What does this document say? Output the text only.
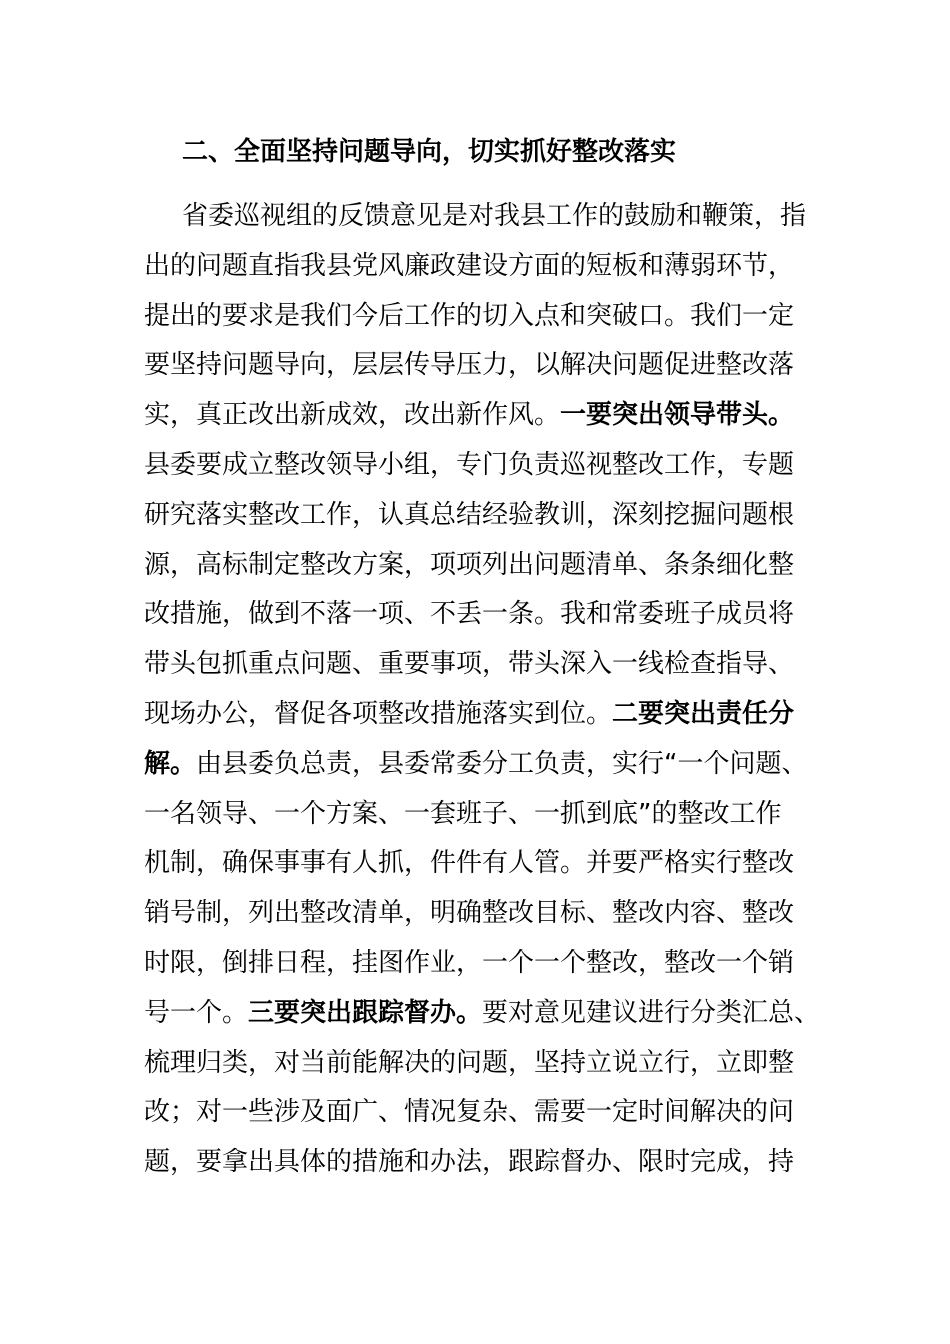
二、全面坚持问题导向，切实抓好整改落实
省委巡视组的反馈意见是对我县工作的鼓励和鞭策，指
出的问题直指我县党风廉政建设方面的短板和薄弱环节，
提出的要求是我们今后工作的切入点和突破口。我们一定
要坚持问题导向，层层传导压力，以解决问题促进整改落
实，真正改出新成效，改出新作风。一要突出领导带头。
县委要成立整改领导小组，专门负责巡视整改工作，专题
研究落实整改工作，认真总结经验教训，深刻挖掘问题根
源，高标制定整改方案，项项列出问题清单、条条细化整
改措施，做到不落一项、不丢一条。我和常委班子成员将
带头包抓重点问题、重要事项，带头深入一线检查指导、
现场办公，督促各项整改措施落实到位。二要突出责任分
解。由县委负总责，县委常委分工负责，实行“一个问题、
一名领导、一个方案、一套班子、一抓到底”的整改工作
机制，确保事事有人抓，件件有人管。并要严格实行整改
销号制，列出整改清单，明确整改目标、整改内容、整改
时限，倒排日程，挂图作业，一个一个整改，整改一个销
号一个。三要突出跟踪督办。要对意见建议进行分类汇总、
梳理归类，对当前能解决的问题，坚持立说立行，立即整
改；对一些涉及面广、情况复杂、需要一定时间解决的问
题，要拿出具体的措施和办法，跟踪督办、限时完成，持
